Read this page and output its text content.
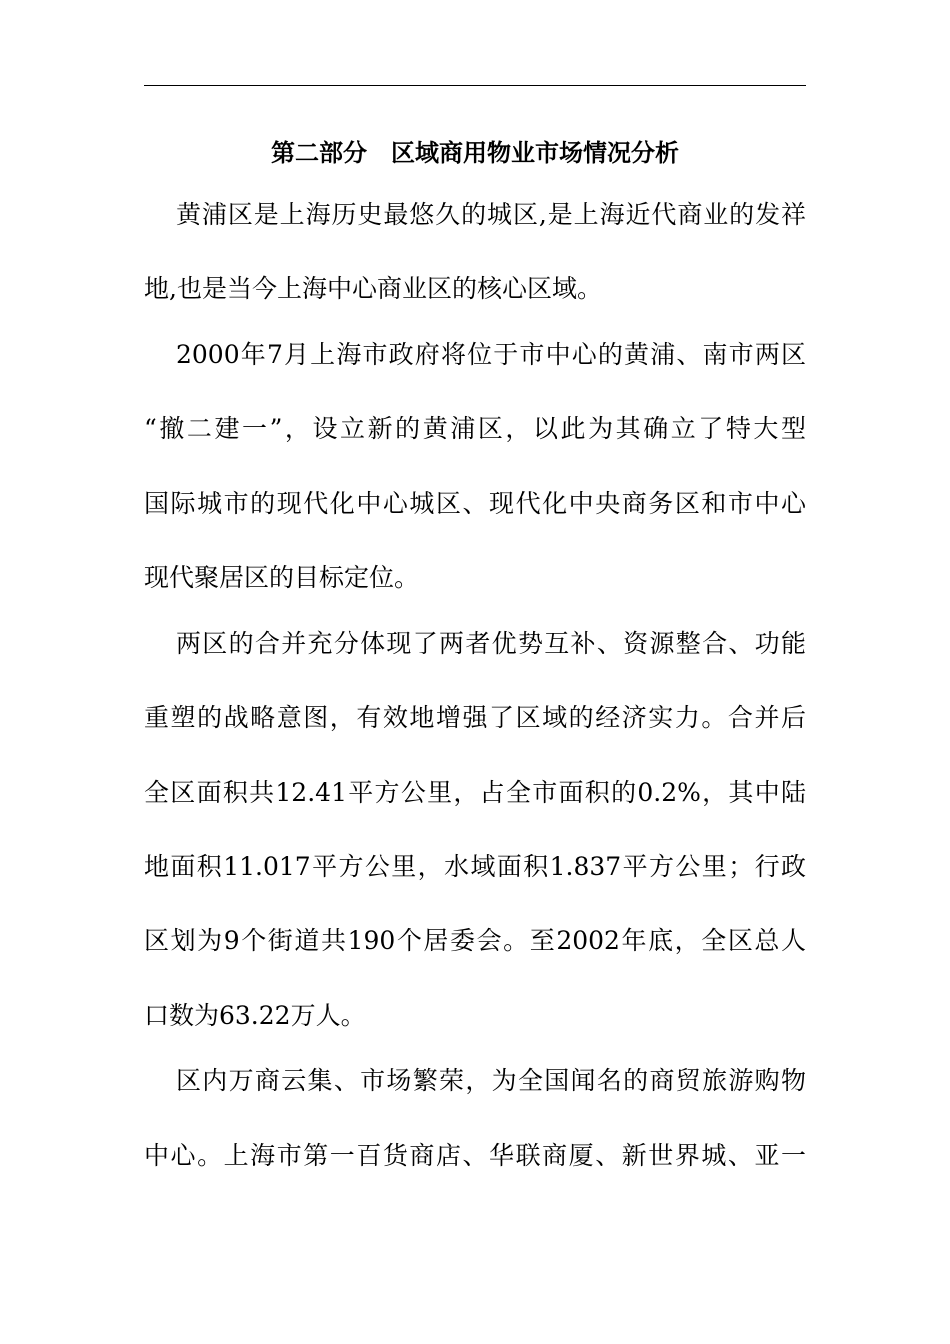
第二部分　区域商用物业市场情况分析
黄浦区是上海历史最悠久的城区,是上海近代商业的发祥
地,也是当今上海中心商业区的核心区域。
2000年7月上海市政府将位于市中心的黄浦、南市两区
“撤二建一”，设立新的黄浦区，以此为其确立了特大型
国际城市的现代化中心城区、现代化中央商务区和市中心
现代聚居区的目标定位。
两区的合并充分体现了两者优势互补、资源整合、功能
重塑的战略意图，有效地增强了区域的经济实力。合并后
全区面积共12.41平方公里，占全市面积的0.2%，其中陆
地面积11.017平方公里，水域面积1.837平方公里；行政
区划为9个街道共190个居委会。至2002年底，全区总人
口数为63.22万人。
区内万商云集、市场繁荣，为全国闻名的商贸旅游购物
中心。上海市第一百货商店、华联商厦、新世界城、亚一
